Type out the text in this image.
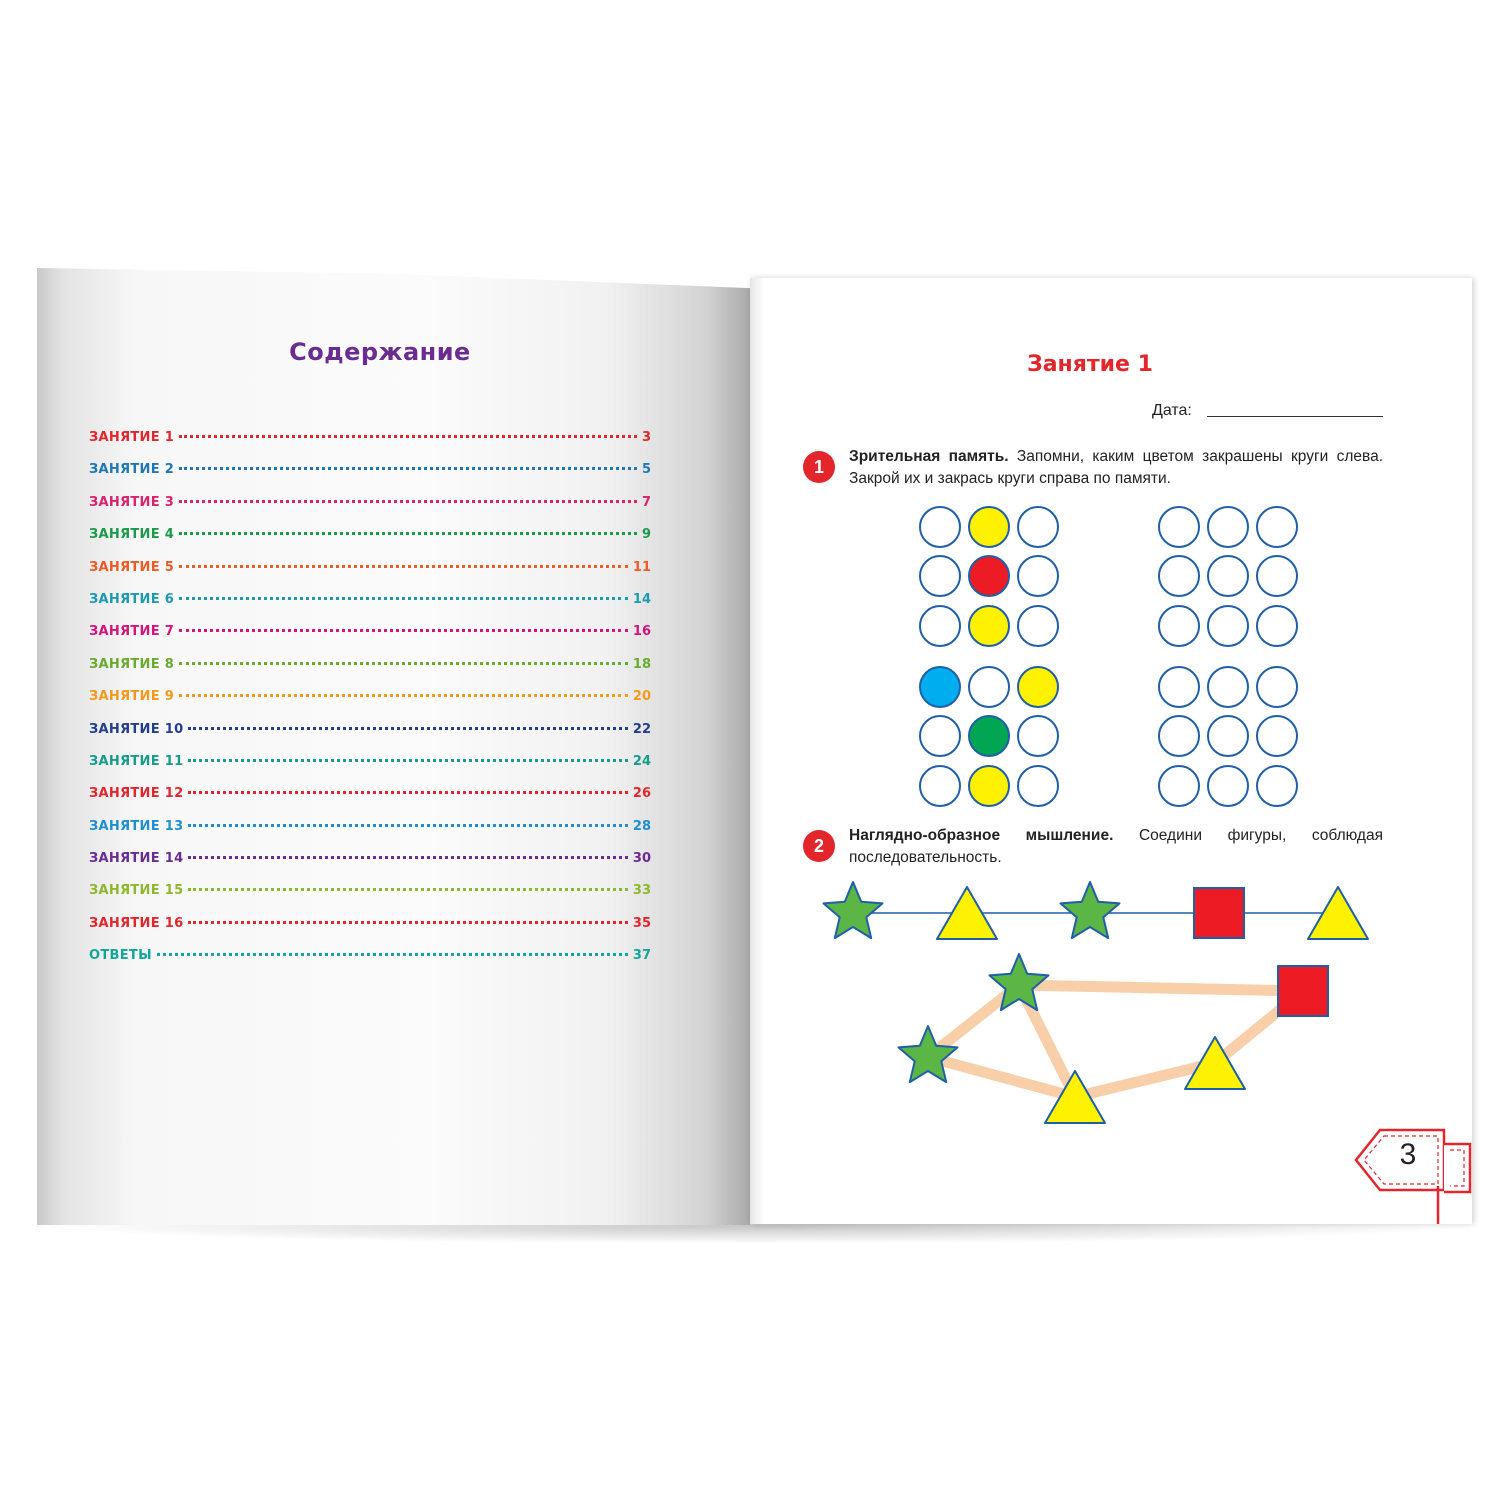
Содержание
ЗАНЯТИЕ 1	3
ЗАНЯТИЕ 2	5
ЗАНЯТИЕ 3	7
ЗАНЯТИЕ 4	9
ЗАНЯТИЕ 5	11
ЗАНЯТИЕ 6	14
ЗАНЯТИЕ 7	16
ЗАНЯТИЕ 8	18
ЗАНЯТИЕ 9	20
ЗАНЯТИЕ 10	22
ЗАНЯТИЕ 11	24
ЗАНЯТИЕ 12	26
ЗАНЯТИЕ 13	28
ЗАНЯТИЕ 14	30
ЗАНЯТИЕ 15	33
ЗАНЯТИЕ 16	35
ОТВЕТЫ	37
Занятие 1
Дата:
1
Зрительная память. Запомни, каким цветом закрашены круги слева. Закрой их и закрась круги справа по памяти.
2
Наглядно-образное мышление. Соедини фигуры, соблюдая последовательность.
3
